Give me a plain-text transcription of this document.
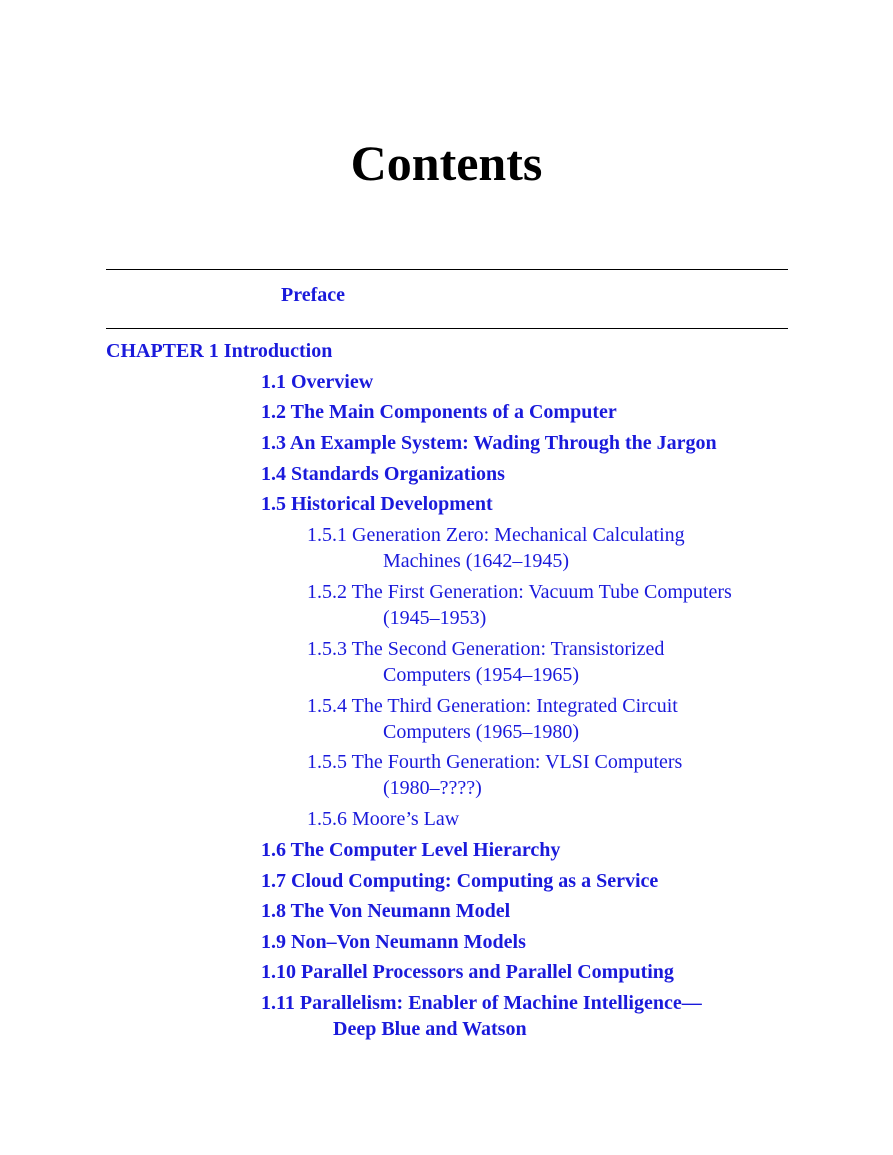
Contents
Preface
CHAPTER 1 Introduction
1.1 Overview
1.2 The Main Components of a Computer
1.3 An Example System: Wading Through the Jargon
1.4 Standards Organizations
1.5 Historical Development
1.5.1 Generation Zero: Mechanical Calculating
Machines (1642–1945)
1.5.2 The First Generation: Vacuum Tube Computers
(1945–1953)
1.5.3 The Second Generation: Transistorized
Computers (1954–1965)
1.5.4 The Third Generation: Integrated Circuit
Computers (1965–1980)
1.5.5 The Fourth Generation: VLSI Computers
(1980–????)
1.5.6 Moore’s Law
1.6 The Computer Level Hierarchy
1.7 Cloud Computing: Computing as a Service
1.8 The Von Neumann Model
1.9 Non–Von Neumann Models
1.10 Parallel Processors and Parallel Computing
1.11 Parallelism: Enabler of Machine Intelligence—
Deep Blue and Watson
